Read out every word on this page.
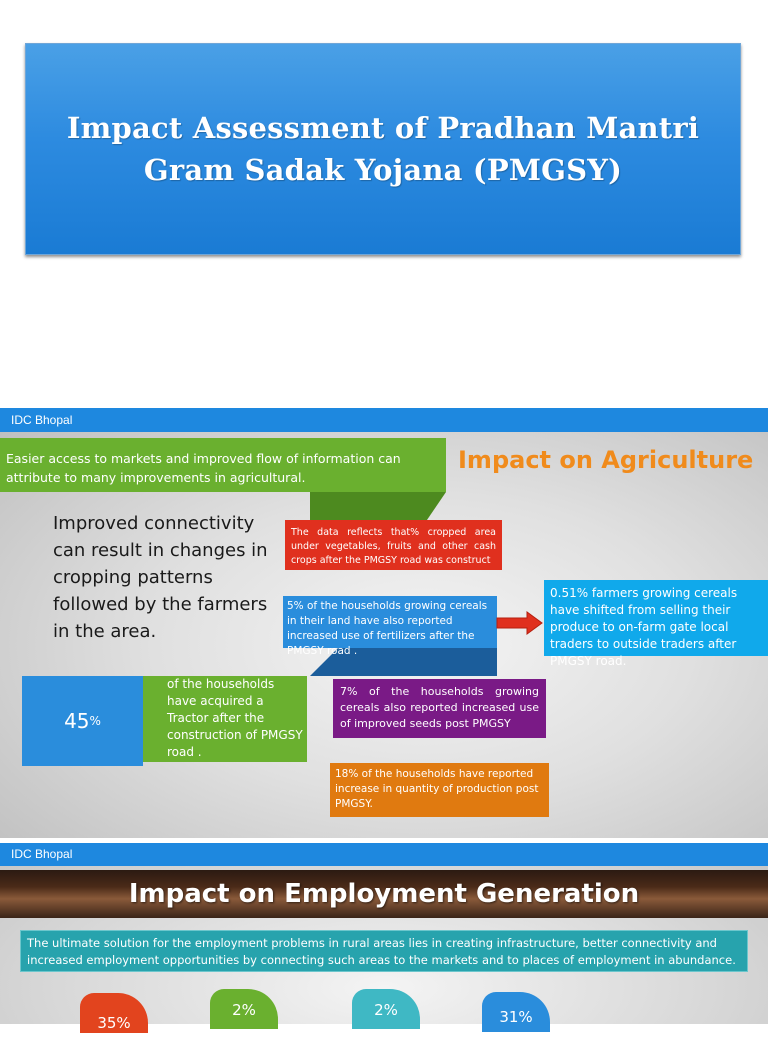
Impact Assessment of Pradhan Mantri
Gram Sadak Yojana (PMGSY)
IDC Bhopal
Easier access to markets and improved flow of information can attribute to many improvements in agricultural.
Impact on Agriculture
Improved connectivity can result in changes in cropping patterns followed by the farmers in the area.
The data reflects that% cropped area under vegetables, fruits and other cash crops after the PMGSY road was construct
5% of the households growing cereals in their land have also reported increased use of fertilizers after the PMGSY road .
0.51% farmers growing cereals have shifted from selling their produce to on-farm gate local traders to outside traders after PMGSY road.
45 %
of the households have acquired a Tractor after the construction of PMGSY road .
7% of the households growing cereals also reported increased use of improved seeds post PMGSY
18% of the households have reported increase in quantity of production post PMGSY.
IDC Bhopal
Impact on Employment Generation
The ultimate solution for the employment problems in rural areas lies in creating infrastructure, better connectivity and increased employment opportunities by connecting such areas to the markets and to places of employment in abundance.
35%
2%	2%	31%
